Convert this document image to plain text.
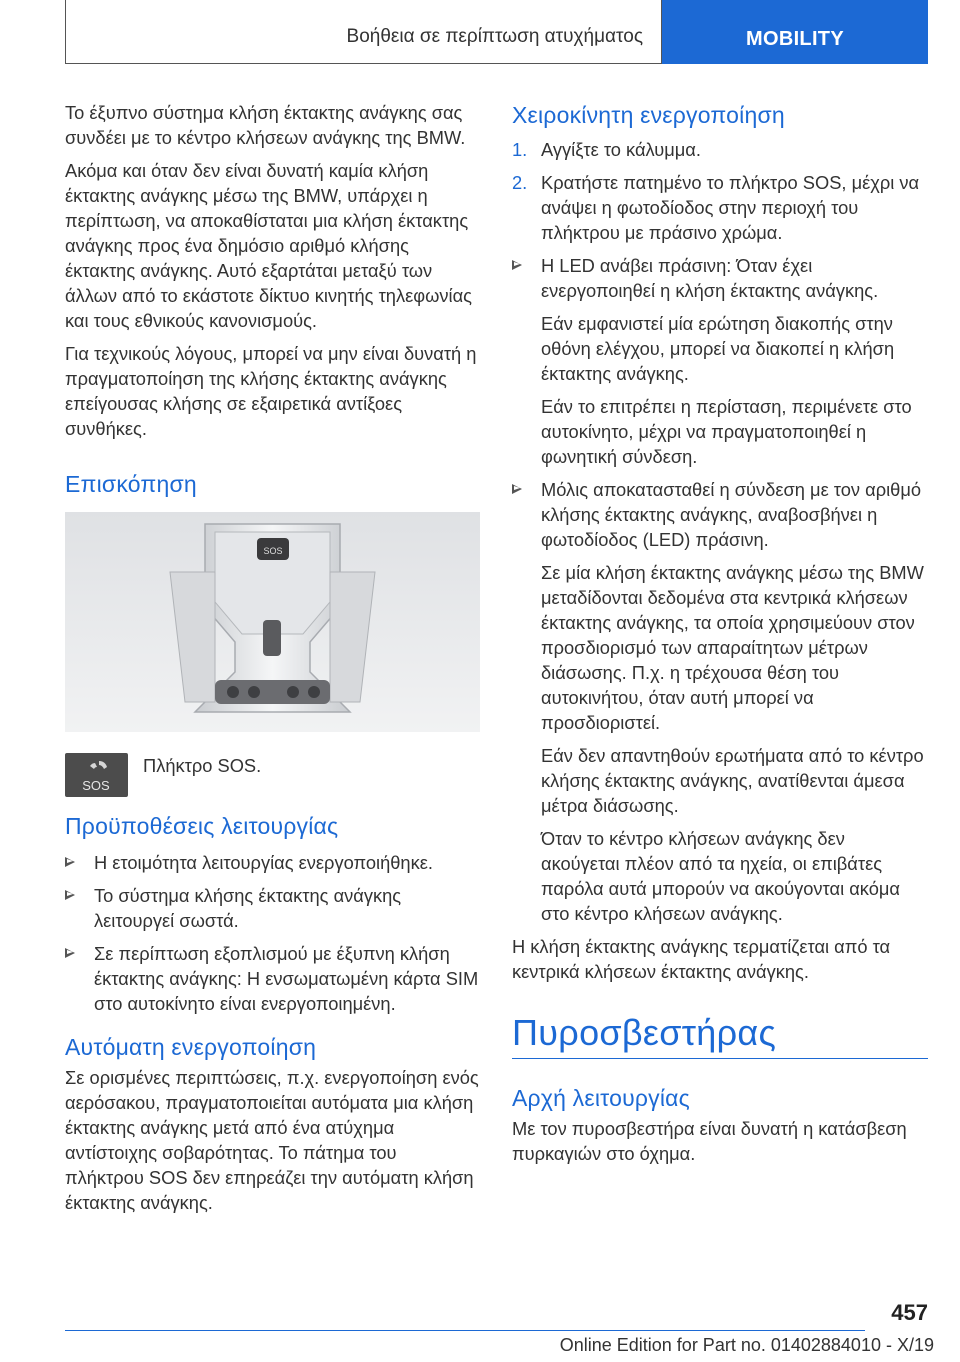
Βοήθεια σε περίπτωση ατυχήματος	MOBILITY

Το έξυπνο σύστημα κλήση έκτακτης ανάγκης σας συνδέει με το κέντρο κλήσεων ανάγκης της BMW.

Ακόμα και όταν δεν είναι δυνατή καμία κλήση έκτακτης ανάγκης μέσω της BMW, υπάρχει η περίπτωση, να αποκαθίσταται μια κλήση έκτακτης ανάγκης προς ένα δημόσιο αριθμό κλήσης έκτακτης ανάγκης. Αυτό εξαρτάται μεταξύ των άλλων από το εκάστοτε δίκτυο κινητής τηλεφωνίας και τους εθνικούς κανονισμούς.

Για τεχνικούς λόγους, μπορεί να μην είναι δυνατή η πραγματοποίηση της κλήσης έκτακτης ανάγκης επείγουσας κλήσης σε εξαιρετικά αντίξοες συνθήκες.

Επισκόπηση
SOS
SOS
Πλήκτρο SOS.
Προϋποθέσεις λειτουργίας
Η ετοιμότητα λειτουργίας ενεργοποιήθηκε.
Το σύστημα κλήσης έκτακτης ανάγκης λειτουργεί σωστά.
Σε περίπτωση εξοπλισμού με έξυπνη κλήση έκτακτης ανάγκης: Η ενσωματωμένη κάρτα SIM στο αυτοκίνητο είναι ενεργοποιημένη.
Αυτόματη ενεργοποίηση

Σε ορισμένες περιπτώσεις, π.χ. ενεργοποίηση ενός αερόσακου, πραγματοποιείται αυτόματα μια κλήση έκτακτης ανάγκης μετά από ένα ατύχημα αντίστοιχης σοβαρότητας. Το πάτημα του πλήκτρου SOS δεν επηρεάζει την αυτόματη κλήση έκτακτης ανάγκης.

Χειροκίνητη ενεργοποίηση
1. Αγγίξτε το κάλυμμα.
2. Κρατήστε πατημένο το πλήκτρο SOS, μέχρι να ανάψει η φωτοδίοδος στην περιοχή του πλήκτρου με πράσινο χρώμα.
Η LED ανάβει πράσινη: Όταν έχει ενεργοποιηθεί η κλήση έκτακτης ανάγκης.

Εάν εμφανιστεί μία ερώτηση διακοπής στην οθόνη ελέγχου, μπορεί να διακοπεί η κλήση έκτακτης ανάγκης.

Εάν το επιτρέπει η περίσταση, περιμένετε στο αυτοκίνητο, μέχρι να πραγματοποιηθεί η φωνητική σύνδεση.

Μόλις αποκατασταθεί η σύνδεση με τον αριθμό κλήσης έκτακτης ανάγκης, αναβοσβήνει η φωτοδίοδος (LED) πράσινη.

Σε μία κλήση έκτακτης ανάγκης μέσω της BMW μεταδίδονται δεδομένα στα κεντρικά κλήσεων έκτακτης ανάγκης, τα οποία χρησιμεύουν στον προσδιορισμό των απαραίτητων μέτρων διάσωσης. Π.χ. η τρέχουσα θέση του αυτοκινήτου, όταν αυτή μπορεί να προσδιοριστεί.

Εάν δεν απαντηθούν ερωτήματα από το κέντρο κλήσης έκτακτης ανάγκης, ανατίθενται άμεσα μέτρα διάσωσης.

Όταν το κέντρο κλήσεων ανάγκης δεν ακούγεται πλέον από τα ηχεία, οι επιβάτες παρόλα αυτά μπορούν να ακούγονται ακόμα στο κέντρο κλήσεων ανάγκης.

Η κλήση έκτακτης ανάγκης τερματίζεται από τα κεντρικά κλήσεων έκτακτης ανάγκης.

Πυροσβεστήρας
Αρχή λειτουργίας

Με τον πυροσβεστήρα είναι δυνατή η κατάσβεση πυρκαγιών στο όχημα.

457
Online Edition for Part no. 01402884010 - X/19
